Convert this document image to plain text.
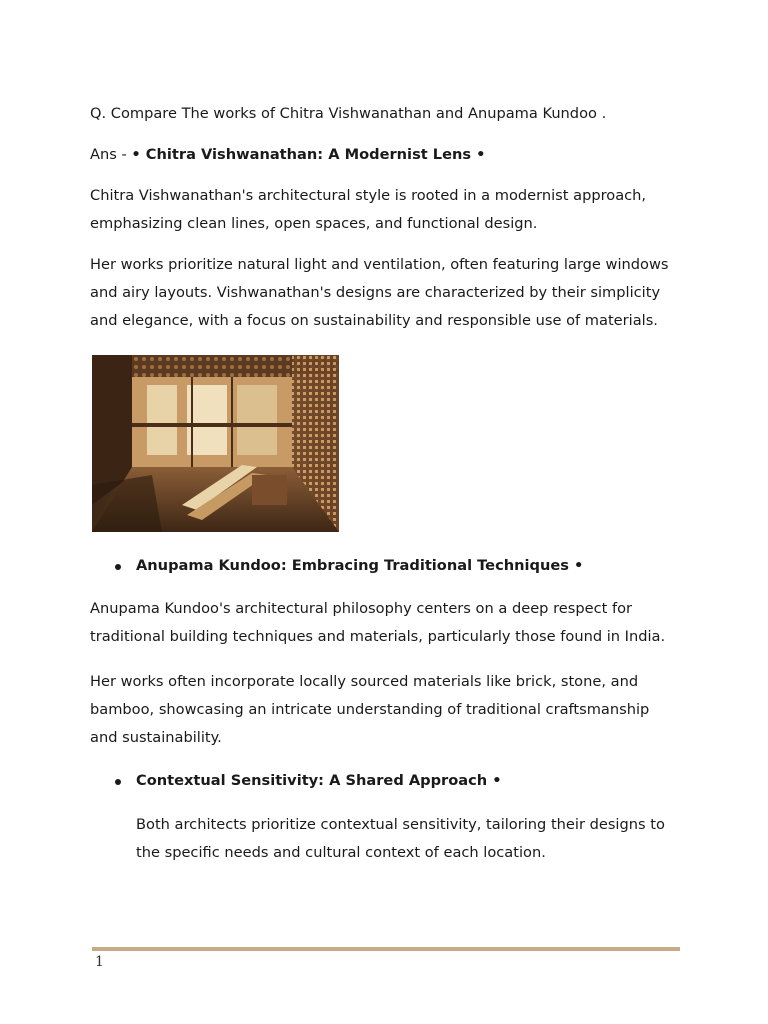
Q. Compare The works of Chitra Vishwanathan and Anupama Kundoo .

Ans - • Chitra Vishwanathan: A Modernist Lens •

Chitra Vishwanathan's architectural style is rooted in a modernist approach, emphasizing clean lines, open spaces, and functional design.

Her works prioritize natural light and ventilation, often featuring large windows and airy layouts. Vishwanathan's designs are characterized by their simplicity and elegance, with a focus on sustainability and responsible use of materials.

Anupama Kundoo: Embracing Traditional Techniques •

Anupama Kundoo's architectural philosophy centers on a deep respect for traditional building techniques and materials, particularly those found in India.

Her works often incorporate locally sourced materials like brick, stone, and bamboo, showcasing an intricate understanding of traditional craftsmanship and sustainability.

Contextual Sensitivity: A Shared Approach •

Both architects prioritize contextual sensitivity, tailoring their designs to the specific needs and cultural context of each location.

1
